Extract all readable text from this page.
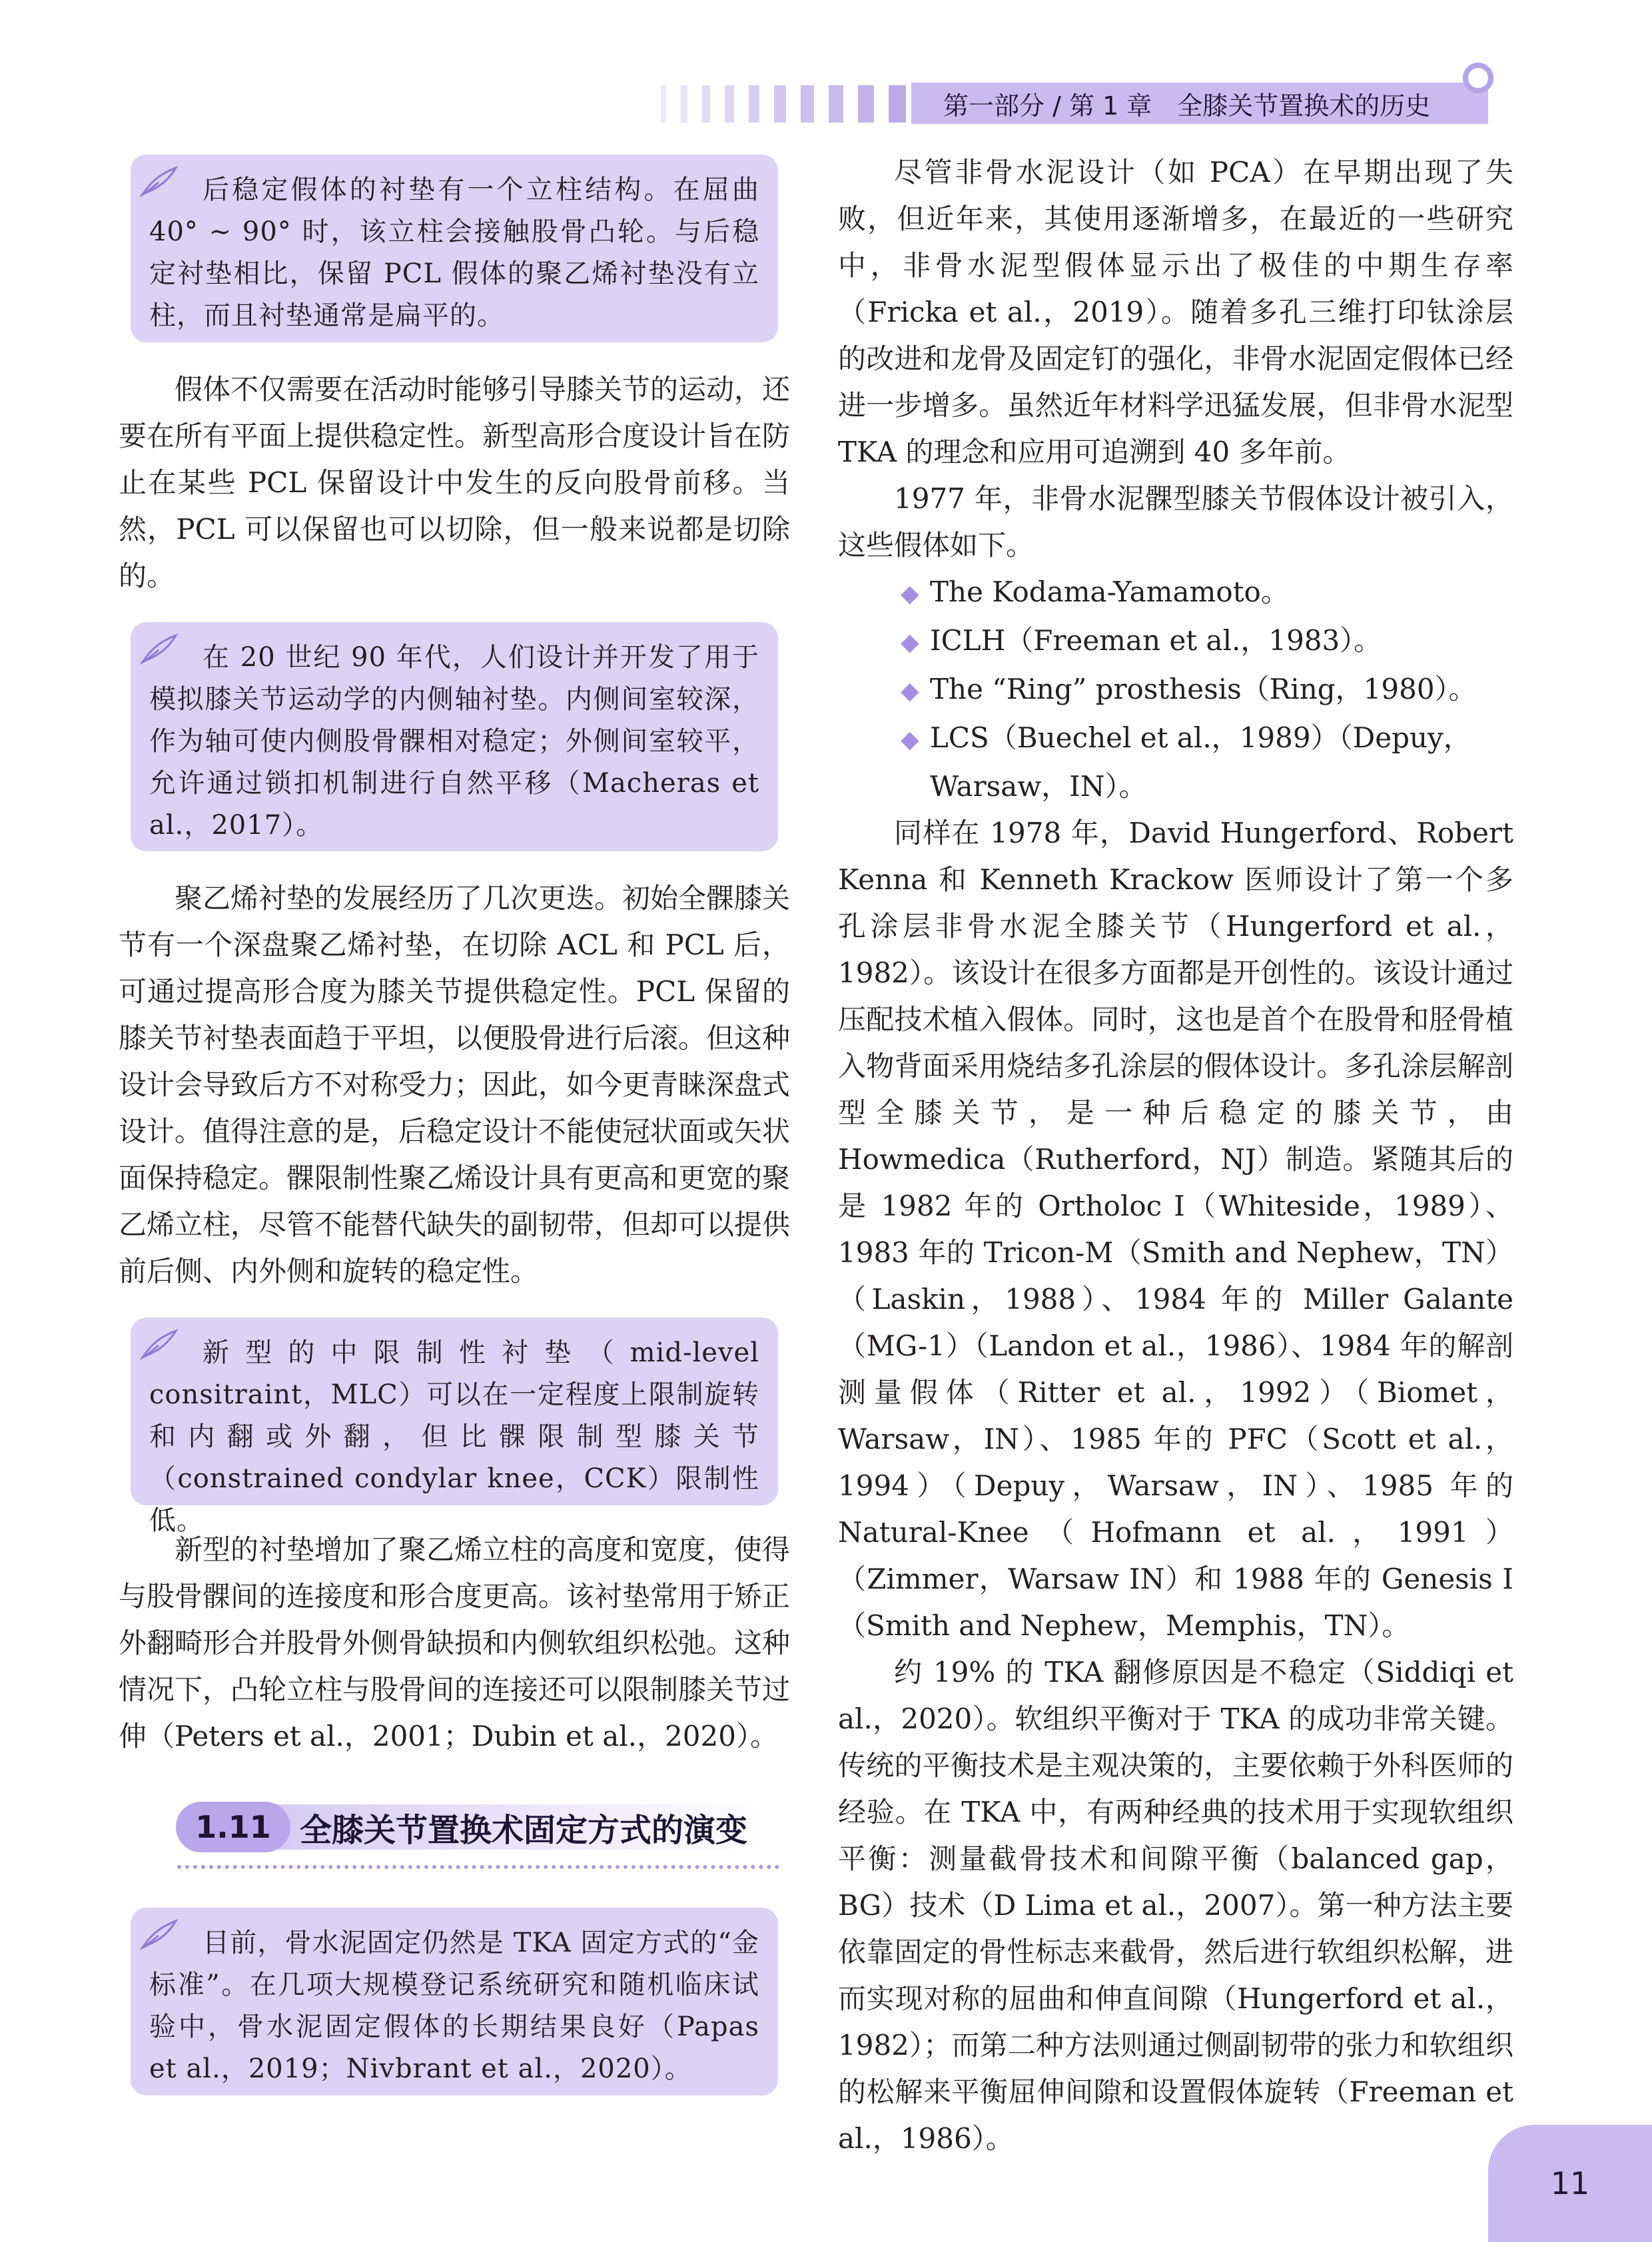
第一部分 / 第 1 章　全膝关节置换术的历史

后稳定假体的衬垫有一个立柱结构。在屈曲 40° ~ 90° 时，该立柱会接触股骨凸轮。与后稳定衬垫相比，保留 PCL 假体的聚乙烯衬垫没有立柱，而且衬垫通常是扁平的。

假体不仅需要在活动时能够引导膝关节的运动，还要在所有平面上提供稳定性。新型高形合度设计旨在防止在某些 PCL 保留设计中发生的反向股骨前移。当然，PCL 可以保留也可以切除，但一般来说都是切除的。

在 20 世纪 90 年代，人们设计并开发了用于模拟膝关节运动学的内侧轴衬垫。内侧间室较深，作为轴可使内侧股骨髁相对稳定；外侧间室较平，允许通过锁扣机制进行自然平移（Macheras et al.，2017）。

聚乙烯衬垫的发展经历了几次更迭。初始全髁膝关节有一个深盘聚乙烯衬垫，在切除 ACL 和 PCL 后，可通过提高形合度为膝关节提供稳定性。PCL 保留的膝关节衬垫表面趋于平坦，以便股骨进行后滚。但这种设计会导致后方不对称受力；因此，如今更青睐深盘式设计。值得注意的是，后稳定设计不能使冠状面或矢状面保持稳定。髁限制性聚乙烯设计具有更高和更宽的聚乙烯立柱，尽管不能替代缺失的副韧带，但却可以提供前后侧、内外侧和旋转的稳定性。

新型的中限制性衬垫（mid-level consitraint，MLC）可以在一定程度上限制旋转和内翻或外翻，但比髁限制型膝关节（constrained condylar knee，CCK）限制性低。

新型的衬垫增加了聚乙烯立柱的高度和宽度，使得与股骨髁间的连接度和形合度更高。该衬垫常用于矫正外翻畸形合并股骨外侧骨缺损和内侧软组织松弛。这种情况下，凸轮立柱与股骨间的连接还可以限制膝关节过伸（Peters et al.，2001；Dubin et al.，2020）。

1.11 全膝关节置换术固定方式的演变

目前，骨水泥固定仍然是 TKA 固定方式的“金标准”。在几项大规模登记系统研究和随机临床试验中，骨水泥固定假体的长期结果良好（Papas et al.，2019；Nivbrant et al.，2020）。

尽管非骨水泥设计（如 PCA）在早期出现了失败，但近年来，其使用逐渐增多，在最近的一些研究中，非骨水泥型假体显示出了极佳的中期生存率（Fricka et al.，2019）。随着多孔三维打印钛涂层的改进和龙骨及固定钉的强化，非骨水泥固定假体已经进一步增多。虽然近年材料学迅猛发展，但非骨水泥型 TKA 的理念和应用可追溯到 40 多年前。

1977 年，非骨水泥髁型膝关节假体设计被引入，这些假体如下。

◆ The Kodama-Yamamoto。
◆ ICLH（Freeman et al.，1983）。
◆ The “Ring” prosthesis（Ring，1980）。
◆ LCS（Buechel et al.，1989）（Depuy，Warsaw，IN）。

同样在 1978 年，David Hungerford、Robert Kenna 和 Kenneth Krackow 医师设计了第一个多孔涂层非骨水泥全膝关节（Hungerford et al.，1982）。该设计在很多方面都是开创性的。该设计通过压配技术植入假体。同时，这也是首个在股骨和胫骨植入物背面采用烧结多孔涂层的假体设计。多孔涂层解剖型全膝关节，是一种后稳定的膝关节，由 Howmedica（Rutherford，NJ）制造。紧随其后的是 1982 年的 Ortholoc I（Whiteside，1989）、1983 年的 Tricon-M（Smith and Nephew，TN）（Laskin，1988）、1984 年的 Miller Galante（MG-1）（Landon et al.，1986）、1984 年的解剖测量假体（Ritter et al.，1992）（Biomet，Warsaw，IN）、1985 年的 PFC（Scott et al.，1994）（Depuy，Warsaw，IN）、1985 年的 Natural-Knee（Hofmann et al.，1991）（Zimmer，Warsaw IN）和 1988 年的 Genesis I（Smith and Nephew，Memphis，TN）。

约 19% 的 TKA 翻修原因是不稳定（Siddiqi et al.，2020）。软组织平衡对于 TKA 的成功非常关键。传统的平衡技术是主观决策的，主要依赖于外科医师的经验。在 TKA 中，有两种经典的技术用于实现软组织平衡：测量截骨技术和间隙平衡（balanced gap，BG）技术（D Lima et al.，2007）。第一种方法主要依靠固定的骨性标志来截骨，然后进行软组织松解，进而实现对称的屈曲和伸直间隙（Hungerford et al.，1982）；而第二种方法则通过侧副韧带的张力和软组织的松解来平衡屈伸间隙和设置假体旋转（Freeman et al.，1986）。

11
